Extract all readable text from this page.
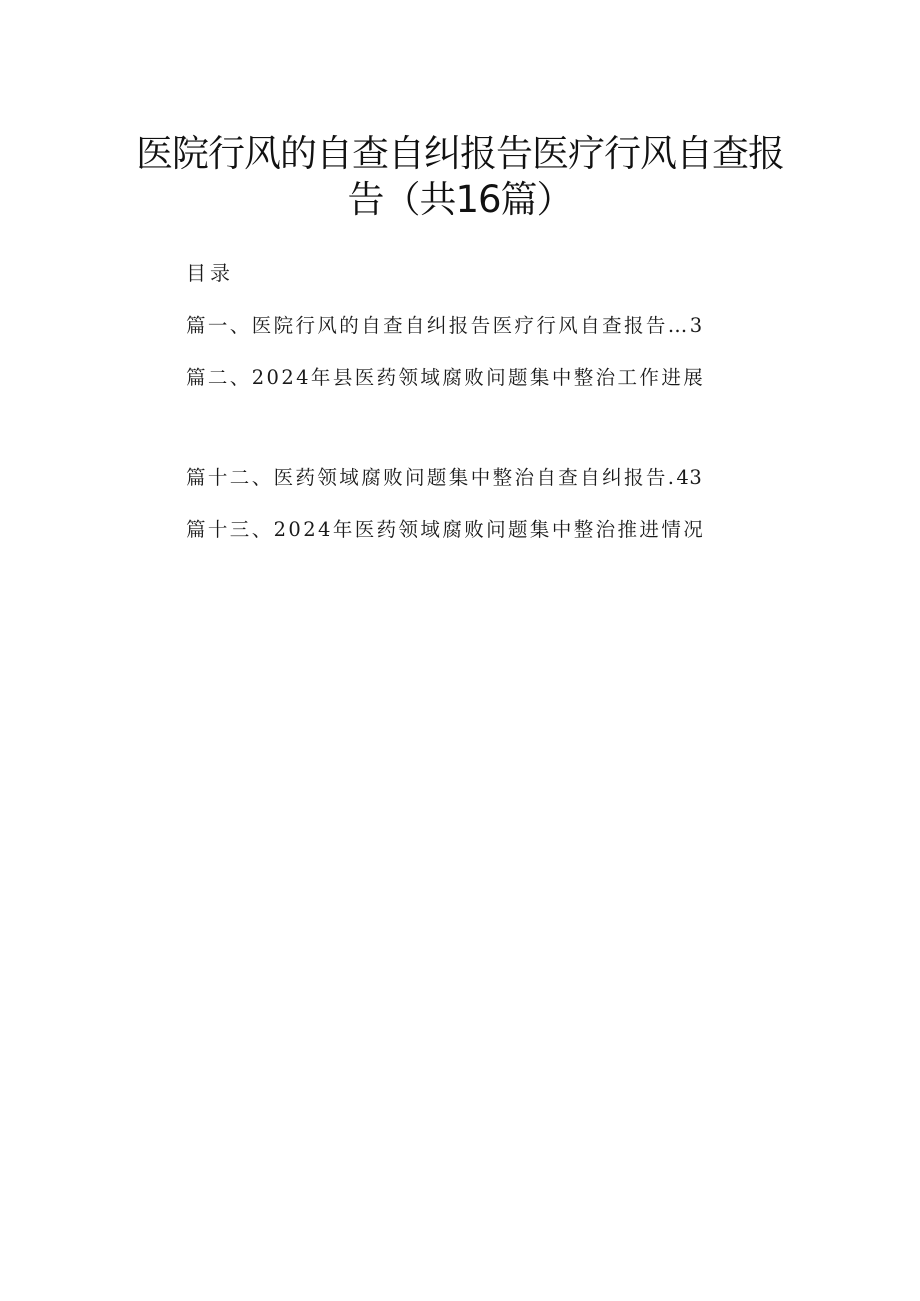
医院行风的自查自纠报告医疗行风自查报
告（共16篇）
目录
篇一、医院行风的自查自纠报告医疗行风自查报告…3
篇二、2024年县医药领域腐败问题集中整治工作进展
篇十二、医药领域腐败问题集中整治自查自纠报告.43
篇十三、2024年医药领域腐败问题集中整治推进情况
